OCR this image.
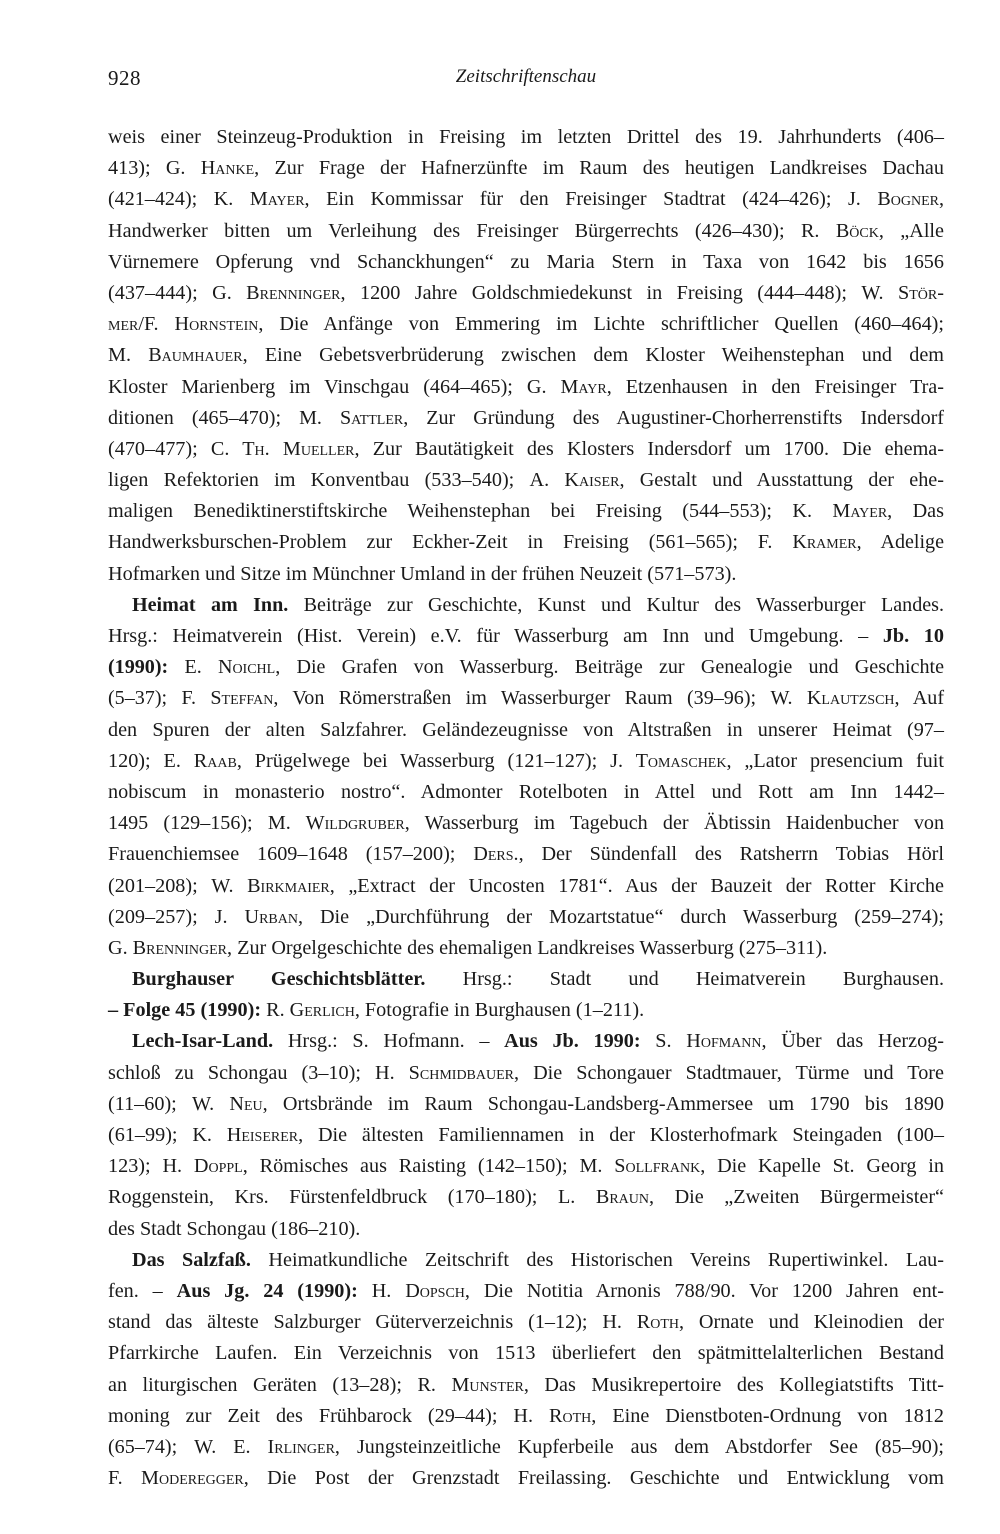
928	Zeitschriftenschau
weis einer Steinzeug-Produktion in Freising im letzten Drittel des 19. Jahrhunderts (406–
413); G. Hanke, Zur Frage der Hafnerzünfte im Raum des heutigen Landkreises Dachau
(421–424); K. Mayer, Ein Kommissar für den Freisinger Stadtrat (424–426); J. Bogner,
Handwerker bitten um Verleihung des Freisinger Bürgerrechts (426–430); R. Böck, „Alle
Vürnemere Opferung vnd Schanckhungen“ zu Maria Stern in Taxa von 1642 bis 1656
(437–444); G. Brenninger, 1200 Jahre Goldschmiedekunst in Freising (444–448); W. Stör-
mer/F. Hornstein, Die Anfänge von Emmering im Lichte schriftlicher Quellen (460–464);
M. Baumhauer, Eine Gebetsverbrüderung zwischen dem Kloster Weihenstephan und dem
Kloster Marienberg im Vinschgau (464–465); G. Mayr, Etzenhausen in den Freisinger Tra-
ditionen (465–470); M. Sattler, Zur Gründung des Augustiner-Chorherrenstifts Indersdorf
(470–477); C. Th. Mueller, Zur Bautätigkeit des Klosters Indersdorf um 1700. Die ehema-
ligen Refektorien im Konventbau (533–540); A. Kaiser, Gestalt und Ausstattung der ehe-
maligen Benediktinerstiftskirche Weihenstephan bei Freising (544–553); K. Mayer, Das
Handwerksburschen-Problem zur Eckher-Zeit in Freising (561–565); F. Kramer, Adelige
Hofmarken und Sitze im Münchner Umland in der frühen Neuzeit (571–573).
Heimat am Inn. Beiträge zur Geschichte, Kunst und Kultur des Wasserburger Landes.
Hrsg.: Heimatverein (Hist. Verein) e.V. für Wasserburg am Inn und Umgebung. – Jb. 10
(1990): E. Noichl, Die Grafen von Wasserburg. Beiträge zur Genealogie und Geschichte
(5–37); F. Steffan, Von Römerstraßen im Wasserburger Raum (39–96); W. Klautzsch, Auf
den Spuren der alten Salzfahrer. Geländezeugnisse von Altstraßen in unserer Heimat (97–
120); E. Raab, Prügelwege bei Wasserburg (121–127); J. Tomaschek, „Lator presencium fuit
nobiscum in monasterio nostro“. Admonter Rotelboten in Attel und Rott am Inn 1442–
1495 (129–156); M. Wildgruber, Wasserburg im Tagebuch der Äbtissin Haidenbucher von
Frauenchiemsee 1609–1648 (157–200); Ders., Der Sündenfall des Ratsherrn Tobias Hörl
(201–208); W. Birkmaier, „Extract der Uncosten 1781“. Aus der Bauzeit der Rotter Kirche
(209–257); J. Urban, Die „Durchführung der Mozartstatue“ durch Wasserburg (259–274);
G. Brenninger, Zur Orgelgeschichte des ehemaligen Landkreises Wasserburg (275–311).
Burghauser Geschichtsblätter. Hrsg.: Stadt und Heimatverein Burghausen.
– Folge 45 (1990): R. Gerlich, Fotografie in Burghausen (1–211).
Lech-Isar-Land. Hrsg.: S. Hofmann. – Aus Jb. 1990: S. Hofmann, Über das Herzog-
schloß zu Schongau (3–10); H. Schmidbauer, Die Schongauer Stadtmauer, Türme und Tore
(11–60); W. Neu, Ortsbrände im Raum Schongau-Landsberg-Ammersee um 1790 bis 1890
(61–99); K. Heiserer, Die ältesten Familiennamen in der Klosterhofmark Steingaden (100–
123); H. Doppl, Römisches aus Raisting (142–150); M. Sollfrank, Die Kapelle St. Georg in
Roggenstein, Krs. Fürstenfeldbruck (170–180); L. Braun, Die „Zweiten Bürgermeister“
des Stadt Schongau (186–210).
Das Salzfaß. Heimatkundliche Zeitschrift des Historischen Vereins Rupertiwinkel. Lau-
fen. – Aus Jg. 24 (1990): H. Dopsch, Die Notitia Arnonis 788/90. Vor 1200 Jahren ent-
stand das älteste Salzburger Güterverzeichnis (1–12); H. Roth, Ornate und Kleinodien der
Pfarrkirche Laufen. Ein Verzeichnis von 1513 überliefert den spätmittelalterlichen Bestand
an liturgischen Geräten (13–28); R. Munster, Das Musikrepertoire des Kollegiatstifts Titt-
moning zur Zeit des Frühbarock (29–44); H. Roth, Eine Dienstboten-Ordnung von 1812
(65–74); W. E. Irlinger, Jungsteinzeitliche Kupferbeile aus dem Abstdorfer See (85–90);
F. Moderegger, Die Post der Grenzstadt Freilassing. Geschichte und Entwicklung vom
